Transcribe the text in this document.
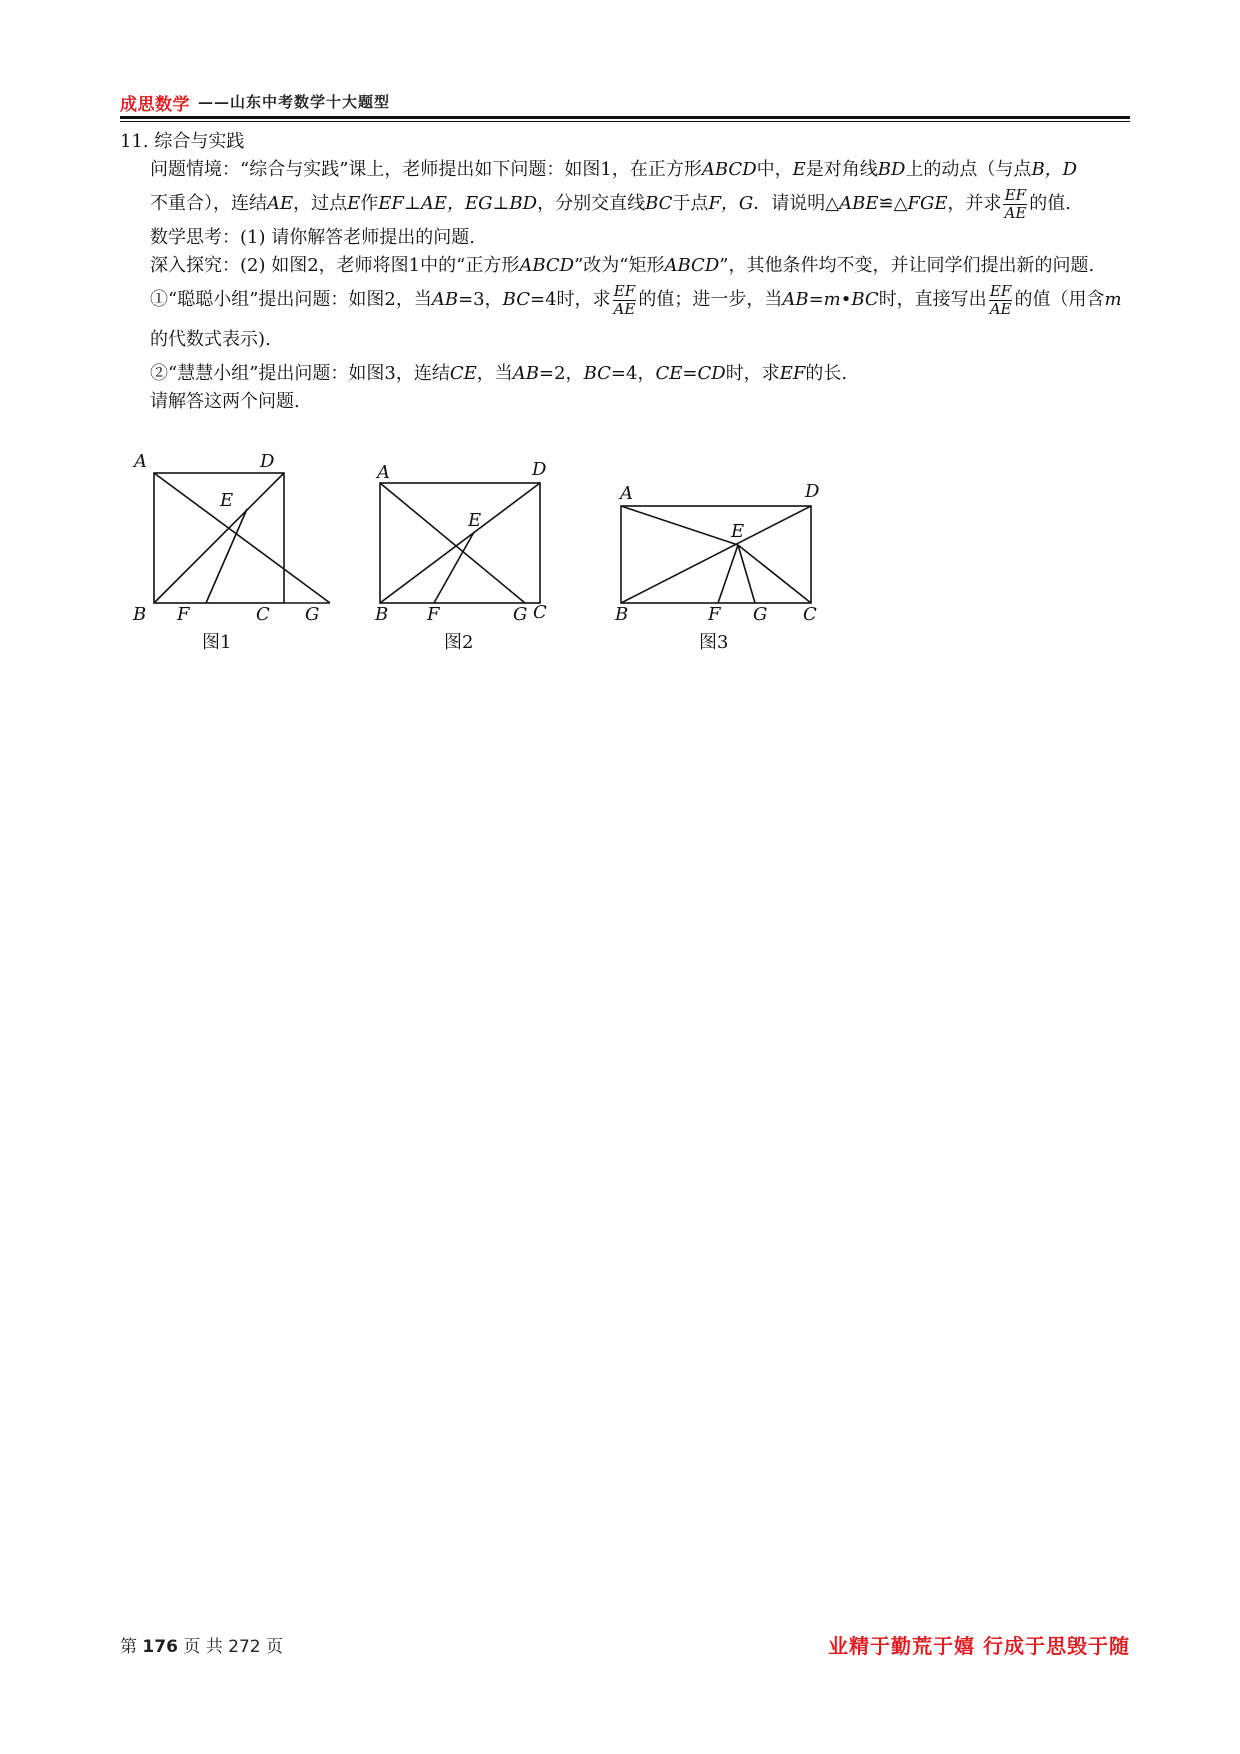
成思数学 ——山东中考数学十大题型

11. 综合与实践

问题情境：“综合与实践”课上，老师提出如下问题：如图1，在正方形ABCD中，E是对角线BD上的动点（与点B，D

不重合），连结AE，过点E作EF⊥AE，EG⊥BD，分别交直线BC于点F，G．请说明△ABE≌△FGE，并求 $\frac{EF}{AE}$ 的值.

数学思考：(1) 请你解答老师提出的问题.

深入探究：(2) 如图2，老师将图1中的“正方形ABCD”改为“矩形ABCD”，其他条件均不变，并让同学们提出新的问题.

①“聪聪小组”提出问题：如图2，当AB=3，BC=4时，求 $\frac{EF}{AE}$ 的值；进一步，当AB=m•BC时，直接写出 $\frac{EF}{AE}$ 的值（用含m的代数式表示).

②“慧慧小组”提出问题：如图3，连结CE，当AB=2，BC=4，CE=CD时，求EF的长.

请解答这两个问题.

A	D
E
B F	C G
A	D
E
B F	G C
A	D
E
B	F G C
图1	图2	图3
第 176 页 共 272 页	业精于勤荒于嬉 行成于思毁于随
